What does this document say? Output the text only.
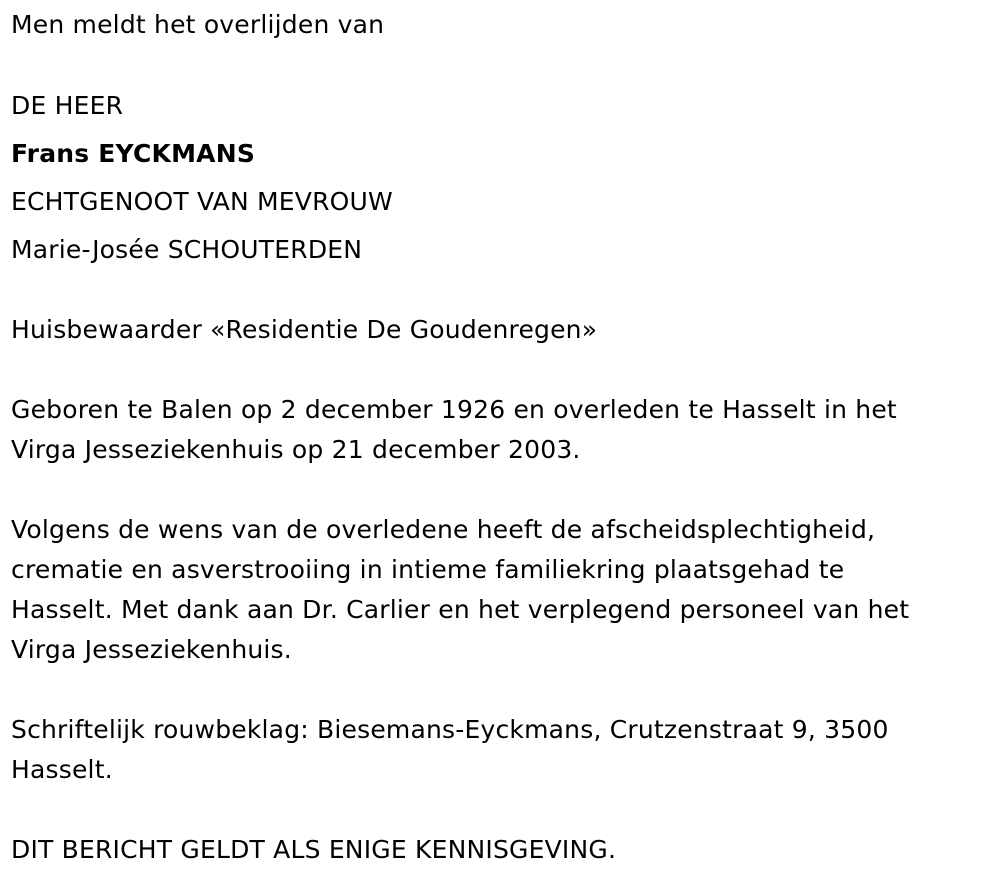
Men meldt het overlijden van
DE HEER
Frans EYCKMANS
ECHTGENOOT VAN MEVROUW
Marie-Josée SCHOUTERDEN
Huisbewaarder «Residentie De Goudenregen»
Geboren te Balen op 2 december 1926 en overleden te Hasselt in het
Virga Jesseziekenhuis op 21 december 2003.
Volgens de wens van de overledene heeft de afscheidsplechtigheid,
crematie en asverstrooiing in intieme familiekring plaatsgehad te
Hasselt. Met dank aan Dr. Carlier en het verplegend personeel van het
Virga Jesseziekenhuis.
Schriftelijk rouwbeklag: Biesemans-Eyckmans, Crutzenstraat 9, 3500
Hasselt.
DIT BERICHT GELDT ALS ENIGE KENNISGEVING.
